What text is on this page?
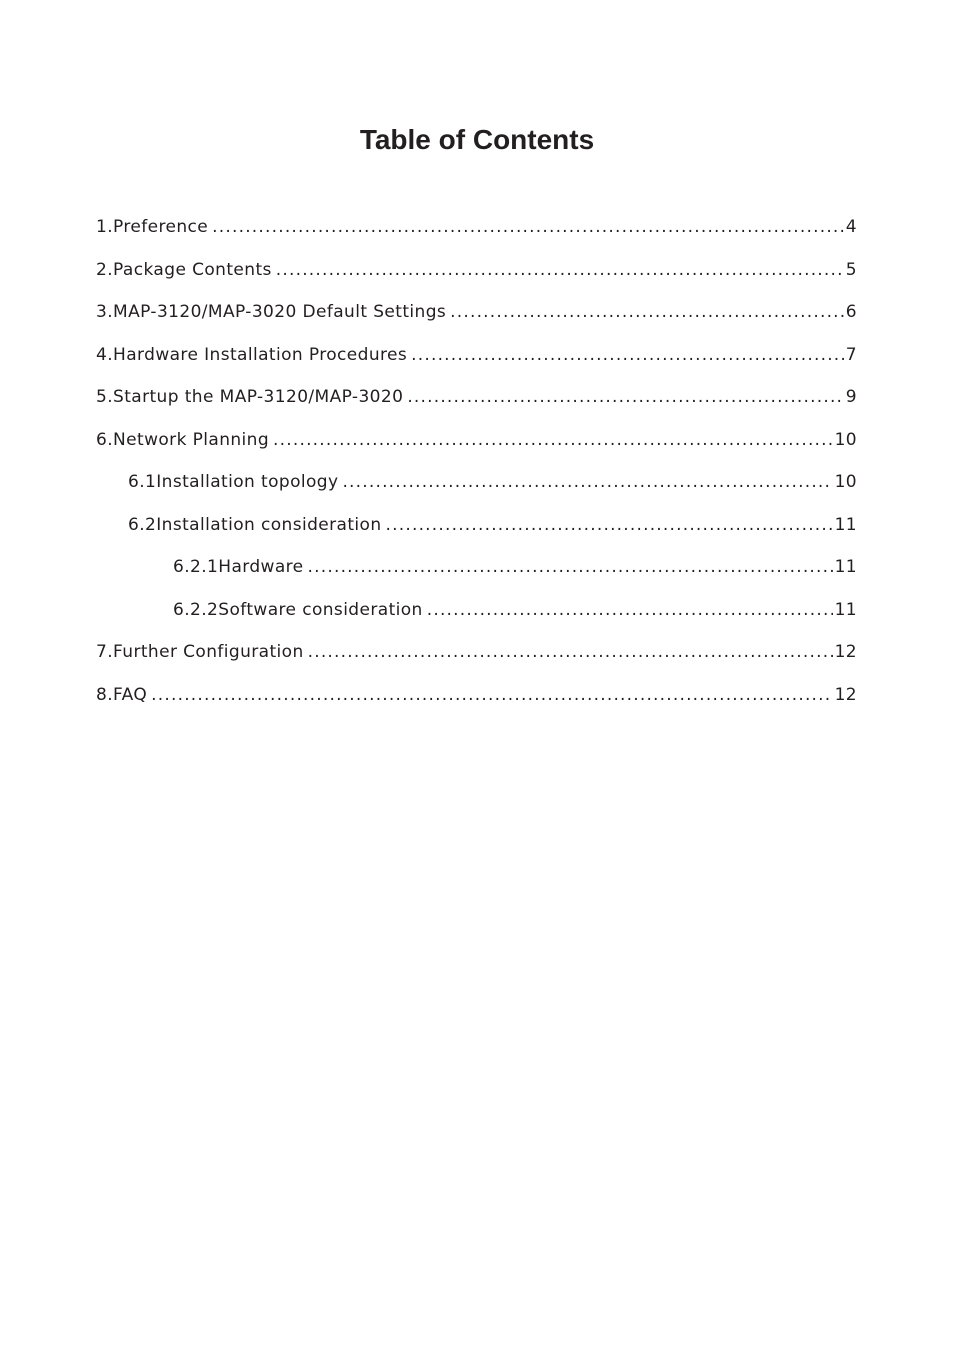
Table of Contents
1. Preference .....	4
2. Package Contents .....	5
3. MAP-3120/MAP-3020 Default Settings .....	6
4. Hardware Installation Procedures .....	7
5. Startup the MAP-3120/MAP-3020 .....	9
6. Network Planning .....	10
6.1 Installation topology .....	10
6.2 Installation consideration .....	11
6.2.1 Hardware .....	11
6.2.2 Software consideration .....	11
7. Further Configuration .....	12
8. FAQ .....	12
